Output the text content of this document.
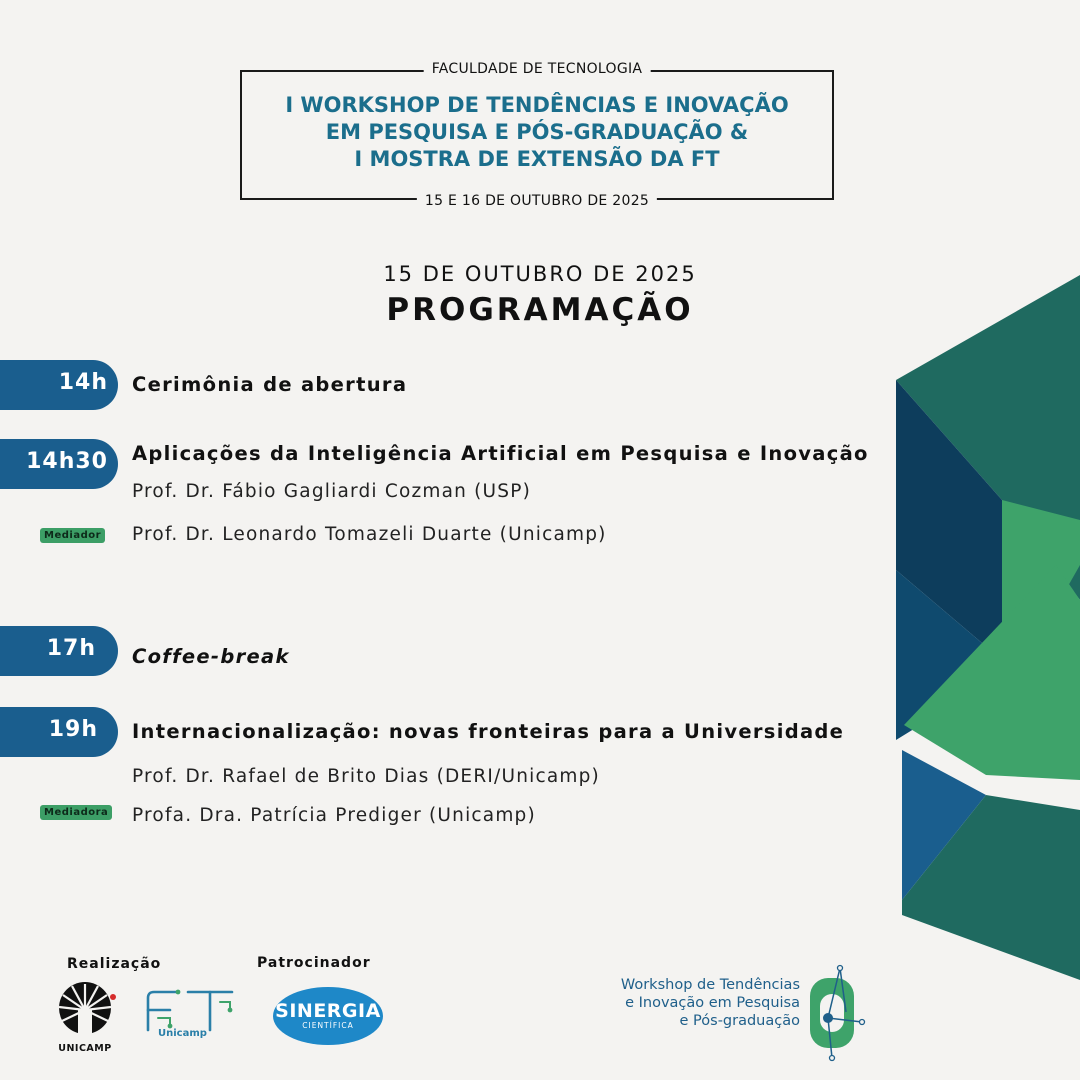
FACULDADE DE TECNOLOGIA
I WORKSHOP DE TENDÊNCIAS E INOVAÇÃO
EM PESQUISA E PÓS-GRADUAÇÃO &
I MOSTRA DE EXTENSÃO DA FT
15 E 16 DE OUTUBRO DE 2025
15 DE OUTUBRO DE 2025
PROGRAMAÇÃO
14h Cerimônia de abertura
14h30 Aplicações da Inteligência Artificial em Pesquisa e Inovação
Prof. Dr. Fábio Gagliardi Cozman (USP)
Mediador Prof. Dr. Leonardo Tomazeli Duarte (Unicamp)
17h Coffee-break
19h Internacionalização: novas fronteiras para a Universidade
Prof. Dr. Rafael de Brito Dias (DERI/Unicamp)
Mediadora Profa. Dra. Patrícia Prediger (Unicamp)
Realização	Patrocinador
UNICAMP
Unicamp
SINERGIA
CIENTÍFICA
Workshop de Tendências
e Inovação em Pesquisa
e Pós-graduação
